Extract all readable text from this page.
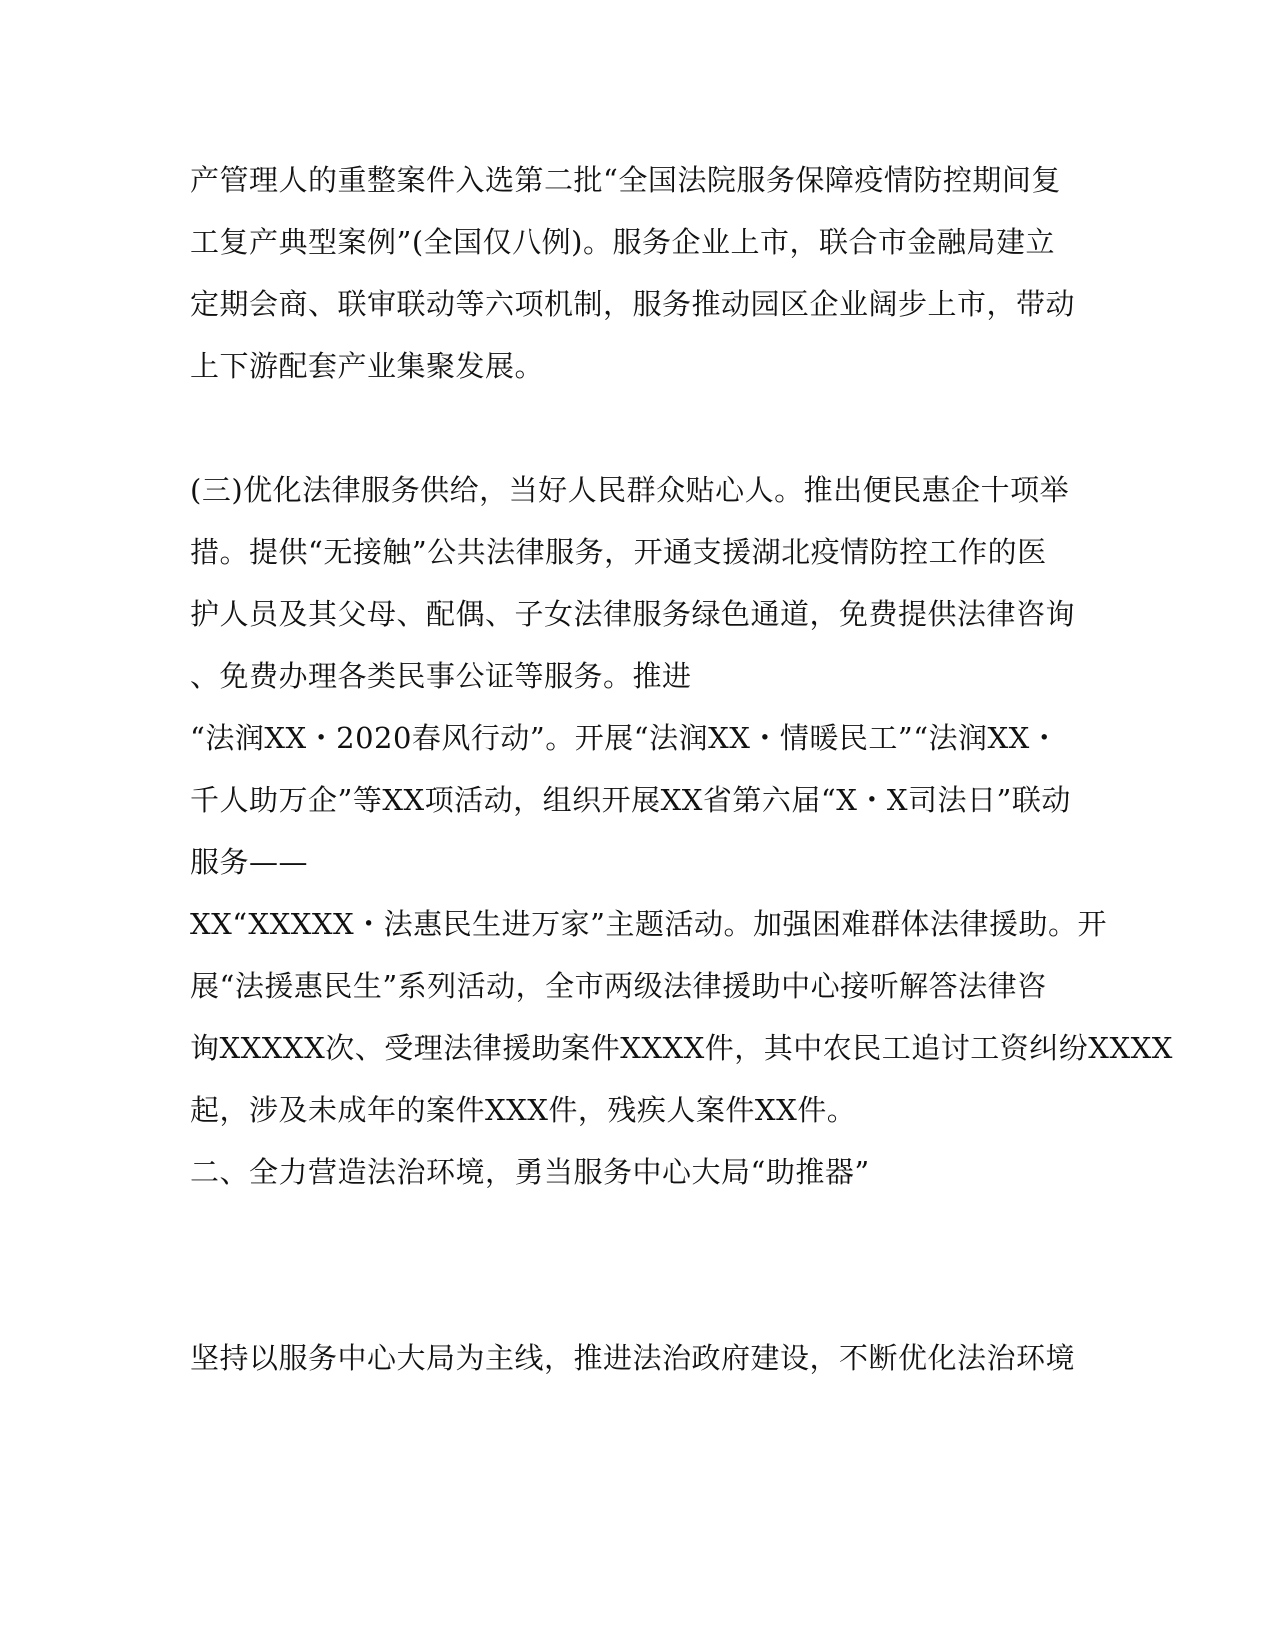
产管理人的重整案件入选第二批“全国法院服务保障疫情防控期间复
工复产典型案例”(全国仅八例)。服务企业上市，联合市金融局建立
定期会商、联审联动等六项机制，服务推动园区企业阔步上市，带动
上下游配套产业集聚发展。
(三)优化法律服务供给，当好人民群众贴心人。推出便民惠企十项举
措。提供“无接触”公共法律服务，开通支援湖北疫情防控工作的医
护人员及其父母、配偶、子女法律服务绿色通道，免费提供法律咨询
、免费办理各类民事公证等服务。推进
“法润XX・2020春风行动”。开展“法润XX・情暖民工”“法润XX・
千人助万企”等XX项活动，组织开展XX省第六届“X・X司法日”联动
服务——
XX“XXXXX・法惠民生进万家”主题活动。加强困难群体法律援助。开
展“法援惠民生”系列活动，全市两级法律援助中心接听解答法律咨
询XXXXX次、受理法律援助案件XXXX件，其中农民工追讨工资纠纷XXXX
起，涉及未成年的案件XXX件，残疾人案件XX件。
二、全力营造法治环境，勇当服务中心大局“助推器”
坚持以服务中心大局为主线，推进法治政府建设，不断优化法治环境
